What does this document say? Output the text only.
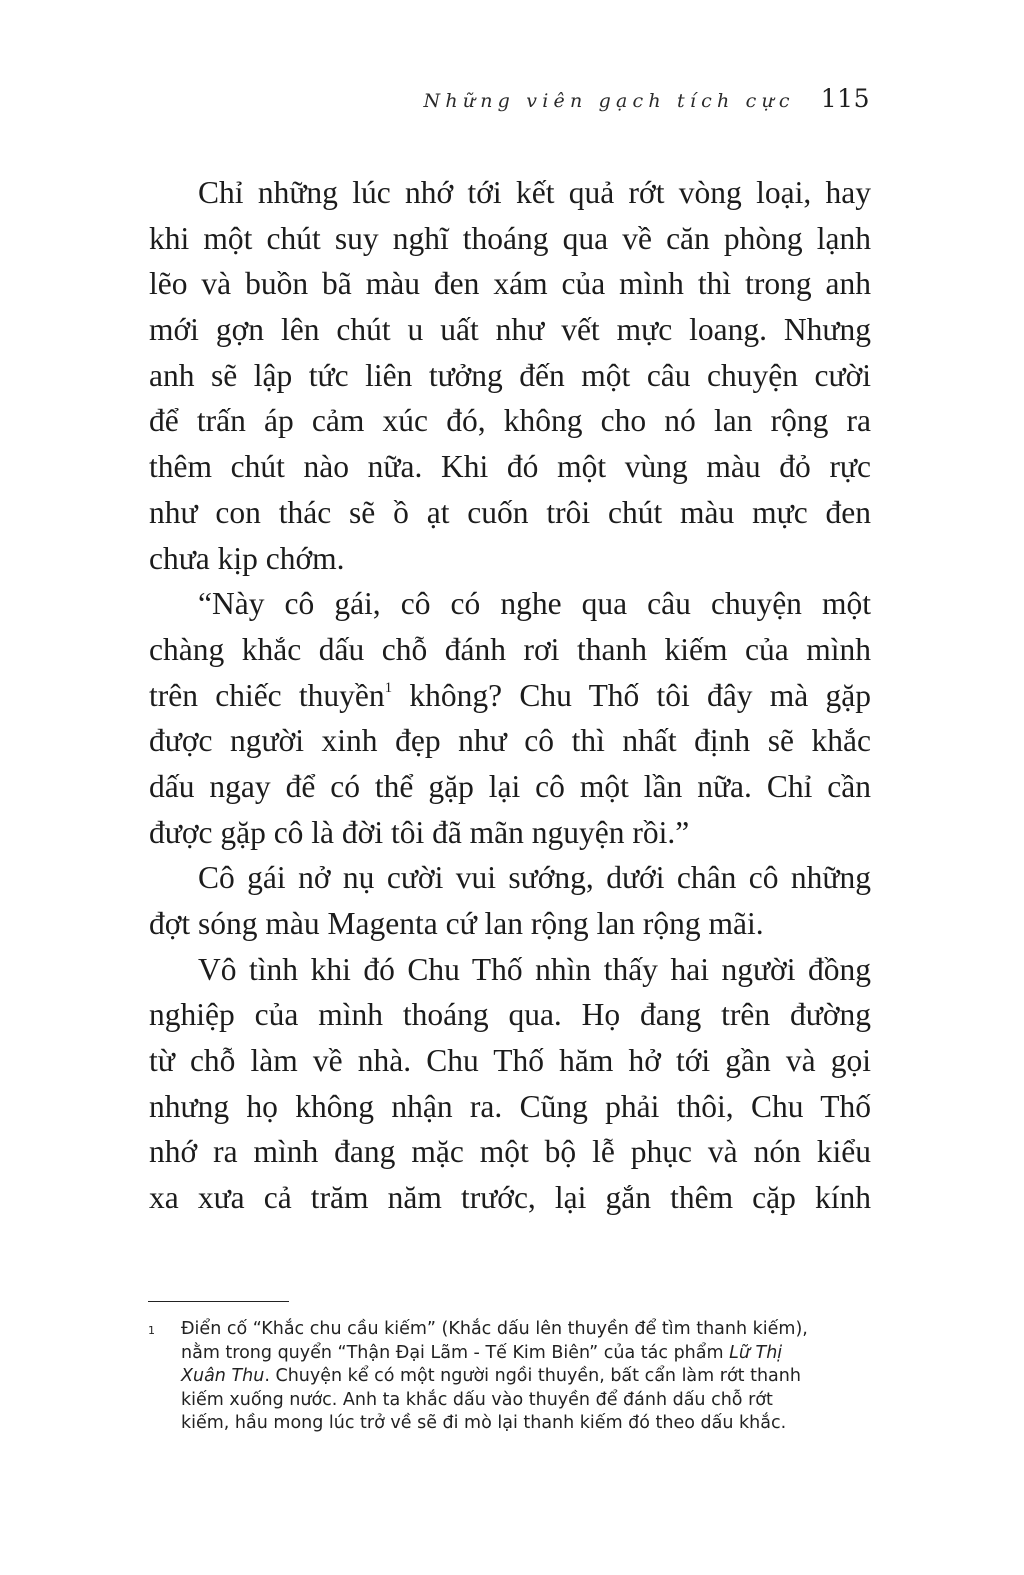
Những viên gạch tích cực 115
Chỉ những lúc nhớ tới kết quả rớt vòng loại, hay
khi một chút suy nghĩ thoáng qua về căn phòng lạnh
lẽo và buồn bã màu đen xám của mình thì trong anh
mới gợn lên chút u uất như vết mực loang. Nhưng
anh sẽ lập tức liên tưởng đến một câu chuyện cười
để trấn áp cảm xúc đó, không cho nó lan rộng ra
thêm chút nào nữa. Khi đó một vùng màu đỏ rực
như con thác sẽ ồ ạt cuốn trôi chút màu mực đen
chưa kịp chớm.
“Này cô gái, cô có nghe qua câu chuyện một
chàng khắc dấu chỗ đánh rơi thanh kiếm của mình
trên chiếc thuyền$^1$ không? Chu Thố tôi đây mà gặp
được người xinh đẹp như cô thì nhất định sẽ khắc
dấu ngay để có thể gặp lại cô một lần nữa. Chỉ cần
được gặp cô là đời tôi đã mãn nguyện rồi.”
Cô gái nở nụ cười vui sướng, dưới chân cô những
đợt sóng màu Magenta cứ lan rộng lan rộng mãi.
Vô tình khi đó Chu Thố nhìn thấy hai người đồng
nghiệp của mình thoáng qua. Họ đang trên đường
từ chỗ làm về nhà. Chu Thố hăm hở tới gần và gọi
nhưng họ không nhận ra. Cũng phải thôi, Chu Thố
nhớ ra mình đang mặc một bộ lễ phục và nón kiểu
xa xưa cả trăm năm trước, lại gắn thêm cặp kính
1 Điển cố “Khắc chu cầu kiếm” (Khắc dấu lên thuyền để tìm thanh kiếm),
nằm trong quyển “Thận Đại Lãm - Tế Kim Biên” của tác phẩm Lữ Thị
Xuân Thu. Chuyện kể có một người ngồi thuyền, bất cẩn làm rớt thanh
kiếm xuống nước. Anh ta khắc dấu vào thuyền để đánh dấu chỗ rớt
kiếm, hầu mong lúc trở về sẽ đi mò lại thanh kiếm đó theo dấu khắc.
